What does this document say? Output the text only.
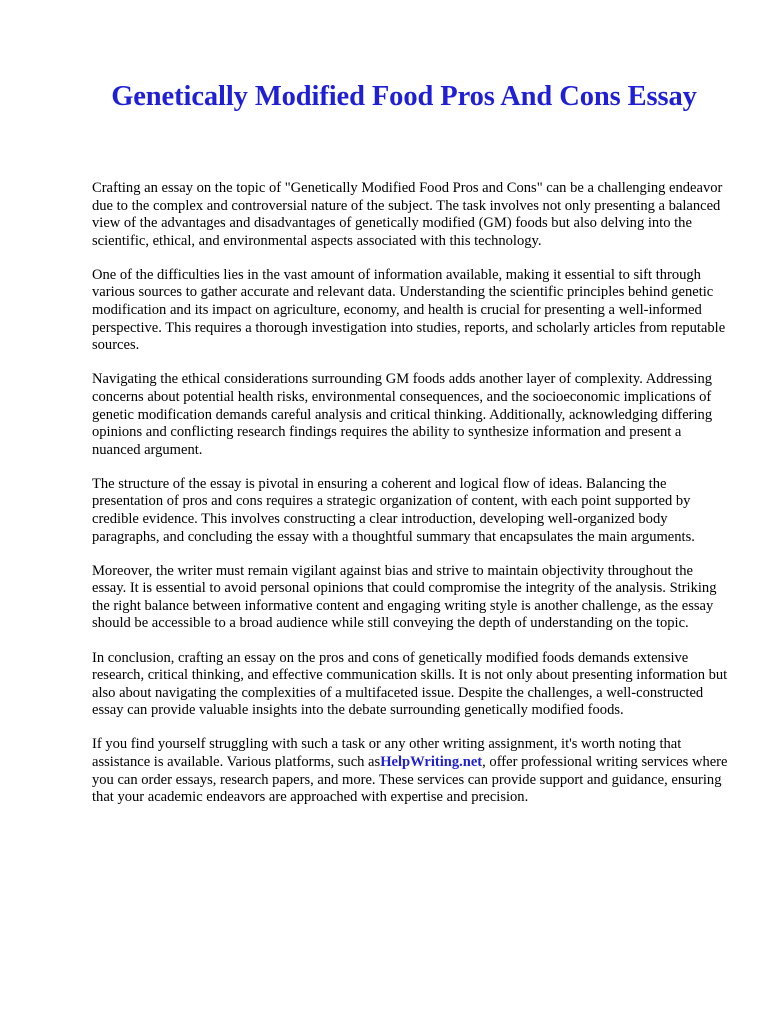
Genetically Modified Food Pros And Cons Essay

Crafting an essay on the topic of "Genetically Modified Food Pros and Cons" can be a challenging endeavor due to the complex and controversial nature of the subject. The task involves not only presenting a balanced view of the advantages and disadvantages of genetically modified (GM) foods but also delving into the scientific, ethical, and environmental aspects associated with this technology.

One of the difficulties lies in the vast amount of information available, making it essential to sift through various sources to gather accurate and relevant data. Understanding the scientific principles behind genetic modification and its impact on agriculture, economy, and health is crucial for presenting a well-informed perspective. This requires a thorough investigation into studies, reports, and scholarly articles from reputable sources.

Navigating the ethical considerations surrounding GM foods adds another layer of complexity. Addressing concerns about potential health risks, environmental consequences, and the socioeconomic implications of genetic modification demands careful analysis and critical thinking. Additionally, acknowledging differing opinions and conflicting research findings requires the ability to synthesize information and present a nuanced argument.

The structure of the essay is pivotal in ensuring a coherent and logical flow of ideas. Balancing the presentation of pros and cons requires a strategic organization of content, with each point supported by credible evidence. This involves constructing a clear introduction, developing well-organized body paragraphs, and concluding the essay with a thoughtful summary that encapsulates the main arguments.

Moreover, the writer must remain vigilant against bias and strive to maintain objectivity throughout the essay. It is essential to avoid personal opinions that could compromise the integrity of the analysis. Striking the right balance between informative content and engaging writing style is another challenge, as the essay should be accessible to a broad audience while still conveying the depth of understanding on the topic.

In conclusion, crafting an essay on the pros and cons of genetically modified foods demands extensive research, critical thinking, and effective communication skills. It is not only about presenting information but also about navigating the complexities of a multifaceted issue. Despite the challenges, a well-constructed essay can provide valuable insights into the debate surrounding genetically modified foods.

If you find yourself struggling with such a task or any other writing assignment, it's worth noting that assistance is available. Various platforms, such asHelpWriting.net, offer professional writing services where you can order essays, research papers, and more. These services can provide support and guidance, ensuring that your academic endeavors are approached with expertise and precision.
